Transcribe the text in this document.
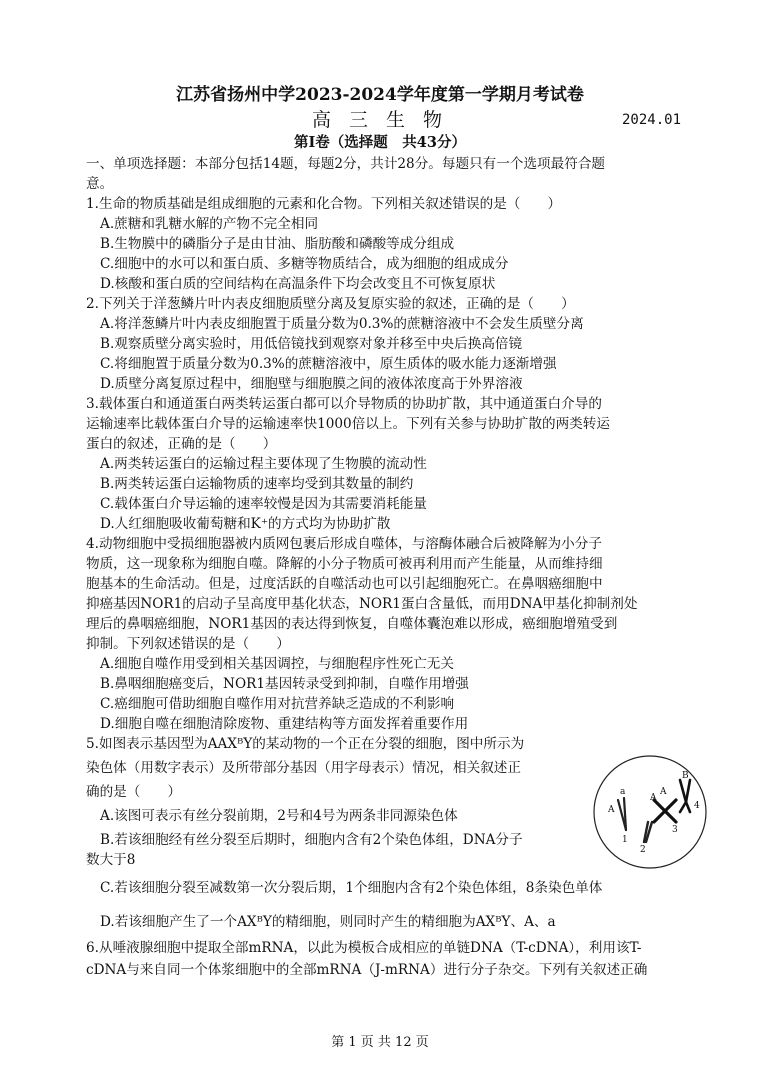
江苏省扬州中学2023-2024学年度第一学期月考试卷
高 三 生 物	2024.01
第Ⅰ卷（选择题　共43分）
一、单项选择题：本部分包括14题，每题2分，共计28分。每题只有一个选项最符合题
意。
1.生命的物质基础是组成细胞的元素和化合物。下列相关叙述错误的是（　　）
A.蔗糖和乳糖水解的产物不完全相同
B.生物膜中的磷脂分子是由甘油、脂肪酸和磷酸等成分组成
C.细胞中的水可以和蛋白质、多糖等物质结合，成为细胞的组成成分
D.核酸和蛋白质的空间结构在高温条件下均会改变且不可恢复原状
2.下列关于洋葱鳞片叶内表皮细胞质壁分离及复原实验的叙述，正确的是（　　）
A.将洋葱鳞片叶内表皮细胞置于质量分数为0.3%的蔗糖溶液中不会发生质壁分离
B.观察质壁分离实验时，用低倍镜找到观察对象并移至中央后换高倍镜
C.将细胞置于质量分数为0.3%的蔗糖溶液中，原生质体的吸水能力逐渐增强
D.质壁分离复原过程中，细胞壁与细胞膜之间的液体浓度高于外界溶液
3.载体蛋白和通道蛋白两类转运蛋白都可以介导物质的协助扩散，其中通道蛋白介导的
运输速率比载体蛋白介导的运输速率快1000倍以上。下列有关参与协助扩散的两类转运
蛋白的叙述，正确的是（　　）
A.两类转运蛋白的运输过程主要体现了生物膜的流动性
B.两类转运蛋白运输物质的速率均受到其数量的制约
C.载体蛋白介导运输的速率较慢是因为其需要消耗能量
D.人红细胞吸收葡萄糖和K⁺的方式均为协助扩散
4.动物细胞中受损细胞器被内质网包裹后形成自噬体，与溶酶体融合后被降解为小分子
物质，这一现象称为细胞自噬。降解的小分子物质可被再利用而产生能量，从而维持细
胞基本的生命活动。但是，过度活跃的自噬活动也可以引起细胞死亡。在鼻咽癌细胞中
抑癌基因NOR1的启动子呈高度甲基化状态，NOR1蛋白含量低，而用DNA甲基化抑制剂处
理后的鼻咽癌细胞，NOR1基因的表达得到恢复，自噬体囊泡难以形成，癌细胞增殖受到
抑制。下列叙述错误的是（　　）
A.细胞自噬作用受到相关基因调控，与细胞程序性死亡无关
B.鼻咽细胞癌变后，NOR1基因转录受到抑制，自噬作用增强
C.癌细胞可借助细胞自噬作用对抗营养缺乏造成的不利影响
D.细胞自噬在细胞清除废物、重建结构等方面发挥着重要作用
5.如图表示基因型为AAXᴮY的某动物的一个正在分裂的细胞，图中所示为
染色体（用数字表示）及所带部分基因（用字母表示）情况，相关叙述正
确的是（　　）
A.该图可表示有丝分裂前期，2号和4号为两条非同源染色体
B.若该细胞经有丝分裂至后期时，细胞内含有2个染色体组，DNA分子
数大于8
C.若该细胞分裂至减数第一次分裂后期，1个细胞内含有2个染色体组，8条染色单体
D.若该细胞产生了一个AXᴮY的精细胞，则同时产生的精细胞为AXᴮY、A、a
6.从唾液腺细胞中提取全部mRNA，以此为模板合成相应的单链DNA（T-cDNA），利用该T-
cDNA与来自同一个体浆细胞中的全部mRNA（J-mRNA）进行分子杂交。下列有关叙述正确
A
a
1
2
A
B
3
4
A
第 1 页 共 12 页
